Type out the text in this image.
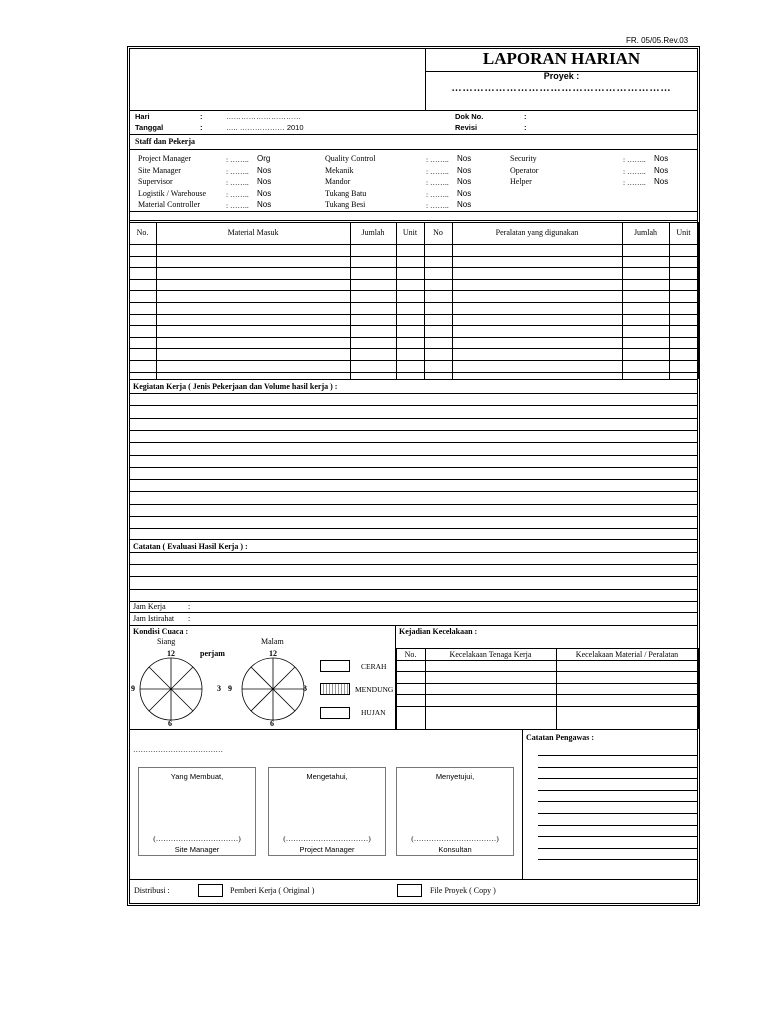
FR. 05/05.Rev.03
LAPORAN HARIAN
Proyek :
……………………………………………………
Hari	:	…………………………
Tanggal	:	….. ……………… 2010
Dok No.	:
Revisi	:
Staff dan Pekerja
Project Manager	: …….. Org
Site Manager	: …….. Nos
Supervisor	: …….. Nos
Logistik / Warehouse	: …….. Nos
Material Controller	: …….. Nos
Quality Control	: …….. Nos
Mekanik	: …….. Nos
Mandor	: …….. Nos
Tukang Batu	: …….. Nos
Tukang Besi	: …….. Nos
Security	: …….. Nos
Operator	: …….. Nos
Helper	: …….. Nos
No.	Material Masuk	Jumlah	Unit	No	Peralatan yang digunakan	Jumlah	Unit
Kegiatan Kerja ( Jenis Pekerjaan dan Volume hasil kerja ) :
Catatan ( Evaluasi Hasil Kerja ) :
Jam Kerja	:
Jam Istirahat :
Kondisi Cuaca :
Siang	Malam
perjam
12	12
9	3 9	3
6	6
CERAH
MENDUNG
HUJAN
Kejadian Kecelakaan :
No.	Kecelakaan Tenaga Kerja	Kecelakaan Material / Peralatan
………………………………
Yang Membuat,
(……………………………)
Site Manager
Mengetahui,
(……………………………)
Project Manager
Menyetujui,
(……………………………)
Konsultan
Catatan Pengawas :
Distribusi :	Pemberi Kerja ( Original )	File Proyek ( Copy )
